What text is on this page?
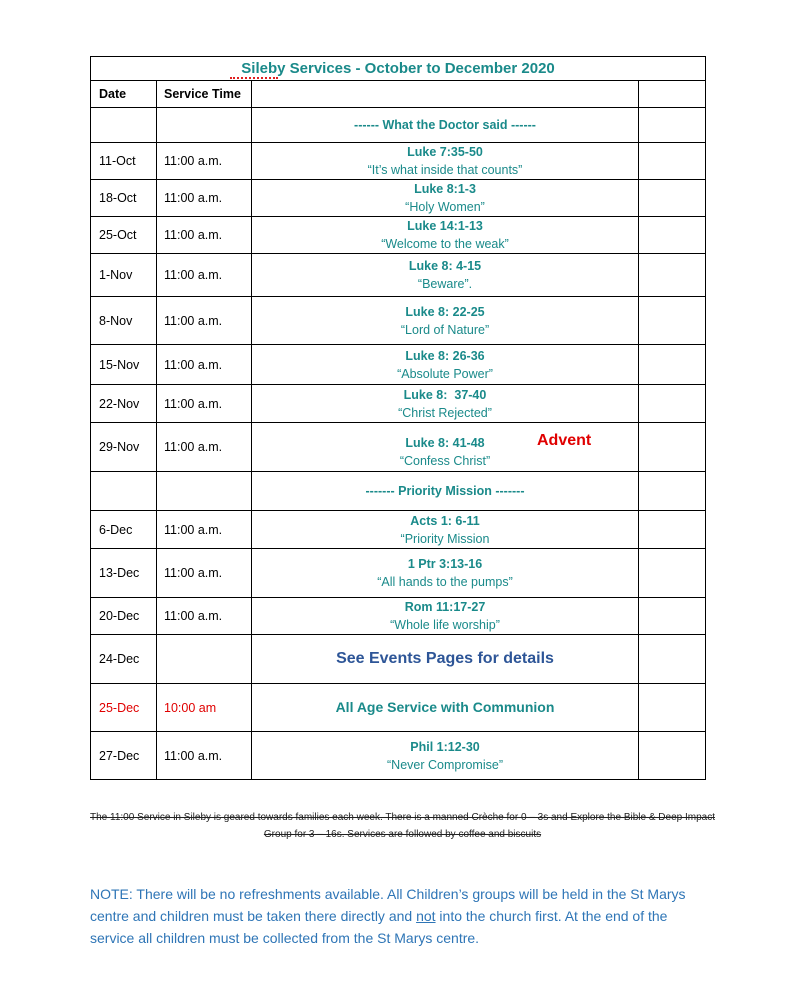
Sileby Services - October to December 2020			

Date	Service Time		
		------ What the Doctor said ------	
11-Oct	11:00 a.m.	Luke 7:35-50
“It’s what inside that counts”	
18-Oct	11:00 a.m.	Luke 8:1-3
“Holy Women”	
25-Oct	11:00 a.m.	Luke 14:1-13
“Welcome to the weak”	
1-Nov	11:00 a.m.	Luke 8: 4-15
“Beware”.	
8-Nov	11:00 a.m.	Luke 8: 22-25
“Lord of Nature”	
15-Nov	11:00 a.m.	Luke 8: 26-36
“Absolute Power”	
22-Nov	11:00 a.m.	Luke 8:  37-40
“Christ Rejected”	
29-Nov	11:00 a.m.	Luke 8: 41-48
“Confess Christ”
Advent	

		------- Priority Mission -------	
6-Dec	11:00 a.m.	Acts 1: 6-11
“Priority Mission	
13-Dec	11:00 a.m.	1 Ptr 3:13-16
“All hands to the pumps”	
20-Dec	11:00 a.m.	Rom 11:17-27
“Whole life worship”	
24-Dec		See Events Pages for details	
25-Dec	10:00 am	All Age Service with Communion	
27-Dec	11:00 a.m.	Phil 1:12-30
“Never Compromise”	
The 11:00 Service in Sileby is geared towards families each week. There is a manned Crèche for 0 – 3s and Explore the Bible & Deep Impact Group for 3 – 16s. Services are followed by coffee and biscuits
NOTE: There will be no refreshments available. All Children’s groups will be held in the St Marys centre and children must be taken there directly and not into the church first. At the end of the service all children must be collected from the St Marys centre.
